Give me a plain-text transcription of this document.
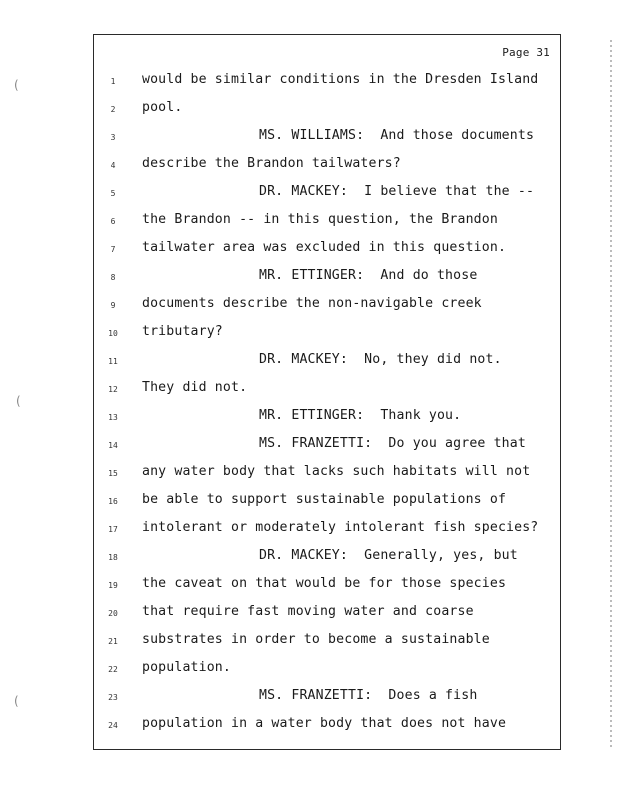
(
(
(
Page 31
1	would be similar conditions in the Dresden Island
2	pool.
3	MS. WILLIAMS:  And those documents
4	describe the Brandon tailwaters?
5	DR. MACKEY:  I believe that the --
6	the Brandon -- in this question, the Brandon
7	tailwater area was excluded in this question.
8	MR. ETTINGER:  And do those
9	documents describe the non-navigable creek
10 tributary?
11	DR. MACKEY:  No, they did not.
12 They did not.
13	MR. ETTINGER:  Thank you.
14	MS. FRANZETTI:  Do you agree that
15 any water body that lacks such habitats will not
16 be able to support sustainable populations of
17 intolerant or moderately intolerant fish species?
18	DR. MACKEY:  Generally, yes, but
19 the caveat on that would be for those species
20 that require fast moving water and coarse
21 substrates in order to become a sustainable
22 population.
23	MS. FRANZETTI:  Does a fish
24 population in a water body that does not have
